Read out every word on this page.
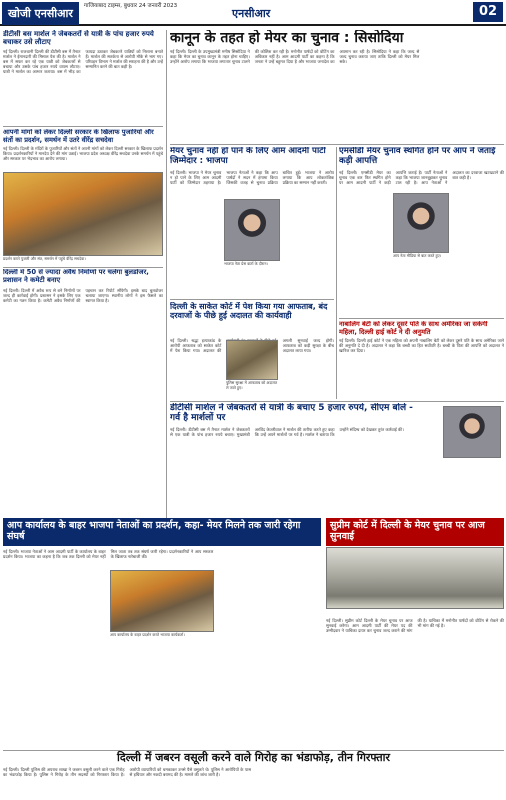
खोजी एनसीआर
गाजियाबाद टाइम्स, बुधवार 24 जनवरी 2023
एनसीआर	02
डीटीसी बस मार्शल ने जेबकतरों से यात्री के पांच हजार रुपये बचाकर उसे लौटाए
नई दिल्ली। राजधानी दिल्ली की डीटीसी बस में तैनात मार्शल ने ईमानदारी की मिसाल पेश की है। मार्शल ने बस में सफर कर रहे एक यात्री को जेबकतरों से बचाया और उसके पांच हजार रुपये वापस लौटाए। यात्री ने मार्शल का आभार जताया। बस में भीड़ का फायदा उठाकर जेबकतरे यात्रियों को निशाना बनाते हैं। मार्शल की सतर्कता से आरोपी मौके से भाग गए। परिवहन विभाग ने मार्शल की सराहना की है और उन्हें सम्मानित करने की बात कही है।
आपनी मांगों को लेकर दिल्ली सरकार के खिलाफ पुजारियों और संतों का प्रदर्शन, समर्थन में उतरे वीरेंद्र सचदेवा
नई दिल्ली। दिल्ली के मंदिरों के पुजारियों और संतों ने अपनी मांगों को लेकर दिल्ली सरकार के खिलाफ प्रदर्शन किया। प्रदर्शनकारियों ने मानदेय देने की मांग उठाई। भाजपा प्रदेश अध्यक्ष वीरेंद्र सचदेवा उनके समर्थन में पहुंचे और सरकार पर भेदभाव का आरोप लगाया।
प्रदर्शन करते पुजारी और संत, समर्थन में पहुंचे वीरेंद्र सचदेवा।
दिल्ली में 50 से ज्यादा अवैध निर्माणों पर चलेगा बुलडोजर, प्रशासन ने कमेटी बनाए
नई दिल्ली। दिल्ली में अवैध रूप से बने निर्माणों पर जल्द ही कार्रवाई होगी। प्रशासन ने इसके लिए एक कमेटी का गठन किया है। कमेटी अवैध निर्माणों की पहचान कर रिपोर्ट सौंपेगी। इसके बाद बुलडोजर चलाया जाएगा। स्थानीय लोगों ने इस फैसले का स्वागत किया है।
कानून के तहत हो मेयर का चुनाव : सिसोदिया
नई दिल्ली। दिल्ली के उपमुख्यमंत्री मनीष सिसोदिया ने कहा कि मेयर का चुनाव कानून के तहत होना चाहिए। उन्होंने आरोप लगाया कि भाजपा लगातार चुनाव टालने की कोशिश कर रही है। मनोनीत पार्षदों को वोटिंग का अधिकार नहीं है। आम आदमी पार्टी का कहना है कि जनता ने उन्हें बहुमत दिया है और भाजपा जनादेश का अपमान कर रही है। सिसोदिया ने कहा कि जल्द से जल्द चुनाव कराया जाए ताकि दिल्ली को मेयर मिल सके।
मेयर चुनाव नहीं हो पाने के लिए आम आदमी पार्टी जिम्मेदार : भाजपा
नई दिल्ली। भाजपा ने मेयर चुनाव न हो पाने के लिए आम आदमी पार्टी को जिम्मेदार ठहराया है। भाजपा नेताओं ने कहा कि आप पार्षदों ने सदन में हंगामा किया जिसकी वजह से चुनाव प्रक्रिया बाधित हुई। भाजपा ने आरोप लगाया कि आप लोकतांत्रिक प्रक्रिया का सम्मान नहीं करती।
भाजपा नेता प्रेस वार्ता के दौरान।
एमसीडी मेयर चुनाव स्थगित होने पर आप ने जताई कड़ी आपत्ति
नई दिल्ली। एमसीडी मेयर का चुनाव एक बार फिर स्थगित होने पर आम आदमी पार्टी ने कड़ी आपत्ति जताई है। पार्टी नेताओं ने कहा कि भाजपा जानबूझकर चुनाव टाल रही है। आप नेताओं ने अदालत का दरवाजा खटखटाने की बात कही है।
आप नेता मीडिया से बात करते हुए।
नाबालिग बेटी को लेकर दूसरे पति के साथ अमेरिका जा सकेगी महिला, दिल्ली हाई कोर्ट ने दी अनुमति
नई दिल्ली। दिल्ली हाई कोर्ट ने एक महिला को अपनी नाबालिग बेटी को लेकर दूसरे पति के साथ अमेरिका जाने की अनुमति दे दी है। अदालत ने कहा कि बच्ची का हित सर्वोपरि है। बच्ची के पिता की आपत्ति को अदालत ने खारिज कर दिया।
दिल्ली के साकेत कोर्ट में पेश किया गया आफताब, बंद दरवाजों के पीछे हुई अदालत की कार्यवाही
नई दिल्ली। श्रद्धा हत्याकांड के आरोपी आफताब को साकेत कोर्ट में पेश किया गया। अदालत की अगली सुनवाई जल्द होगी। आफताब को कड़ी सुरक्षा के बीच अदालत लाया गया।
पुलिस सुरक्षा में आफताब को अदालत ले जाते हुए।
डीटीसी मार्शल ने जेबकतरों से यात्री के बचाए 5 हजार रुपये, सीएम बोले - गर्व है मार्शलों पर
नई दिल्ली। डीटीसी बस में तैनात मार्शल ने जेबकतरों से एक यात्री के पांच हजार रुपये बचाए। मुख्यमंत्री अरविंद केजरीवाल ने मार्शल की तारीफ करते हुए कहा कि उन्हें अपने मार्शलों पर गर्व है। मार्शल ने बताया कि उन्होंने संदिग्ध को देखकर तुरंत कार्रवाई की।
आप कार्यालय के बाहर भाजपा नेताओं का प्रदर्शन, कहा- मेयर मिलने तक जारी रहेगा संघर्ष
नई दिल्ली। भाजपा नेताओं ने आम आदमी पार्टी के कार्यालय के बाहर प्रदर्शन किया। भाजपा का कहना है कि जब तक दिल्ली को मेयर नहीं मिल जाता तब तक संघर्ष जारी रहेगा। प्रदर्शनकारियों ने आप सरकार के खिलाफ नारेबाजी की।
आप कार्यालय के बाहर प्रदर्शन करते भाजपा कार्यकर्ता।
सुप्रीम कोर्ट में दिल्ली के मेयर चुनाव पर आज सुनवाई
नई दिल्ली। सुप्रीम कोर्ट दिल्ली के मेयर चुनाव पर आज सुनवाई करेगा। आम आदमी पार्टी की मेयर पद की उम्मीदवार ने याचिका दायर कर चुनाव जल्द कराने की मांग की है। याचिका में मनोनीत पार्षदों को वोटिंग से रोकने की भी मांग की गई है।
दिल्ली में जबरन वसूली करने वाले गिरोह का भंडाफोड़, तीन गिरफ्तार
नई दिल्ली। दिल्ली पुलिस की अपराध शाखा ने जबरन वसूली करने वाले एक गिरोह का भंडाफोड़ किया है। पुलिस ने गिरोह के तीन सदस्यों को गिरफ्तार किया है। आरोपी व्यापारियों को धमकाकर उनसे पैसे वसूलते थे। पुलिस ने आरोपियों के पास से हथियार और नकदी बरामद की है। मामले की जांच जारी है।
